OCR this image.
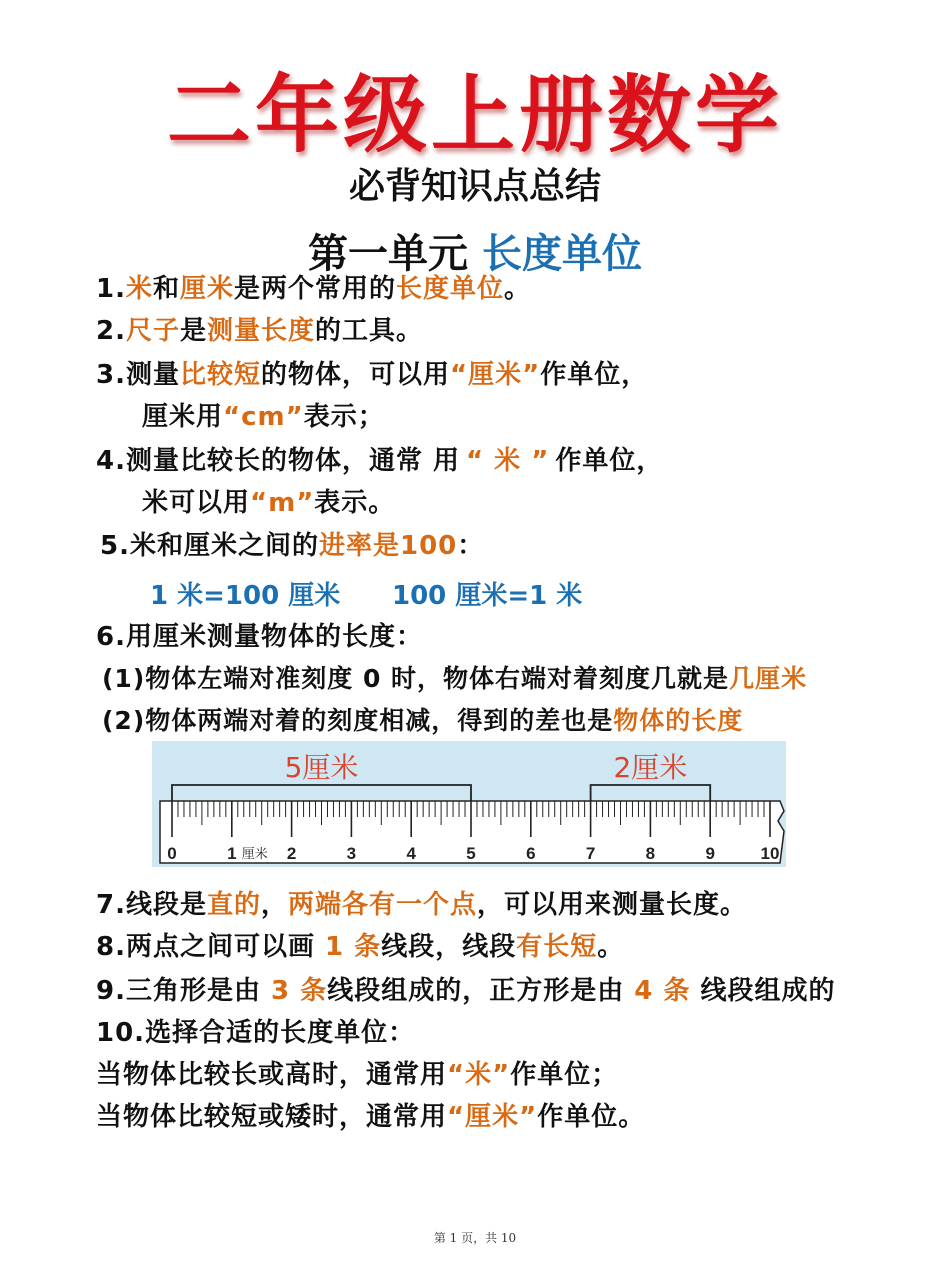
二年级上册数学
必背知识点总结
第一单元 长度单位
1.米和厘米是两个常用的长度单位。
2.尺子是测量长度的工具。
3.测量比较短的物体，可以用“厘米”作单位，
厘米用“cm”表示；
4.测量比较长的物体，通常 用 “ 米 ” 作单位，
米可以用“m”表示。
5.米和厘米之间的进率是100：
1 米=100 厘米 100 厘米=1 米
6.用厘米测量物体的长度：
(1)物体左端对准刻度 0 时，物体右端对着刻度几就是几厘米
(2)物体两端对着的刻度相减，得到的差也是物体的长度
0	1	2	3	4	5	6	7	8	9	10
5厘米	2厘米
厘米
7.线段是直的，两端各有一个点，可以用来测量长度。
8.两点之间可以画 1 条线段，线段有长短。
9.三角形是由 3 条线段组成的，正方形是由 4 条 线段组成的
10.选择合适的长度单位：
当物体比较长或高时，通常用“米”作单位；
当物体比较短或矮时，通常用“厘米”作单位。
第 1 页，共 10
